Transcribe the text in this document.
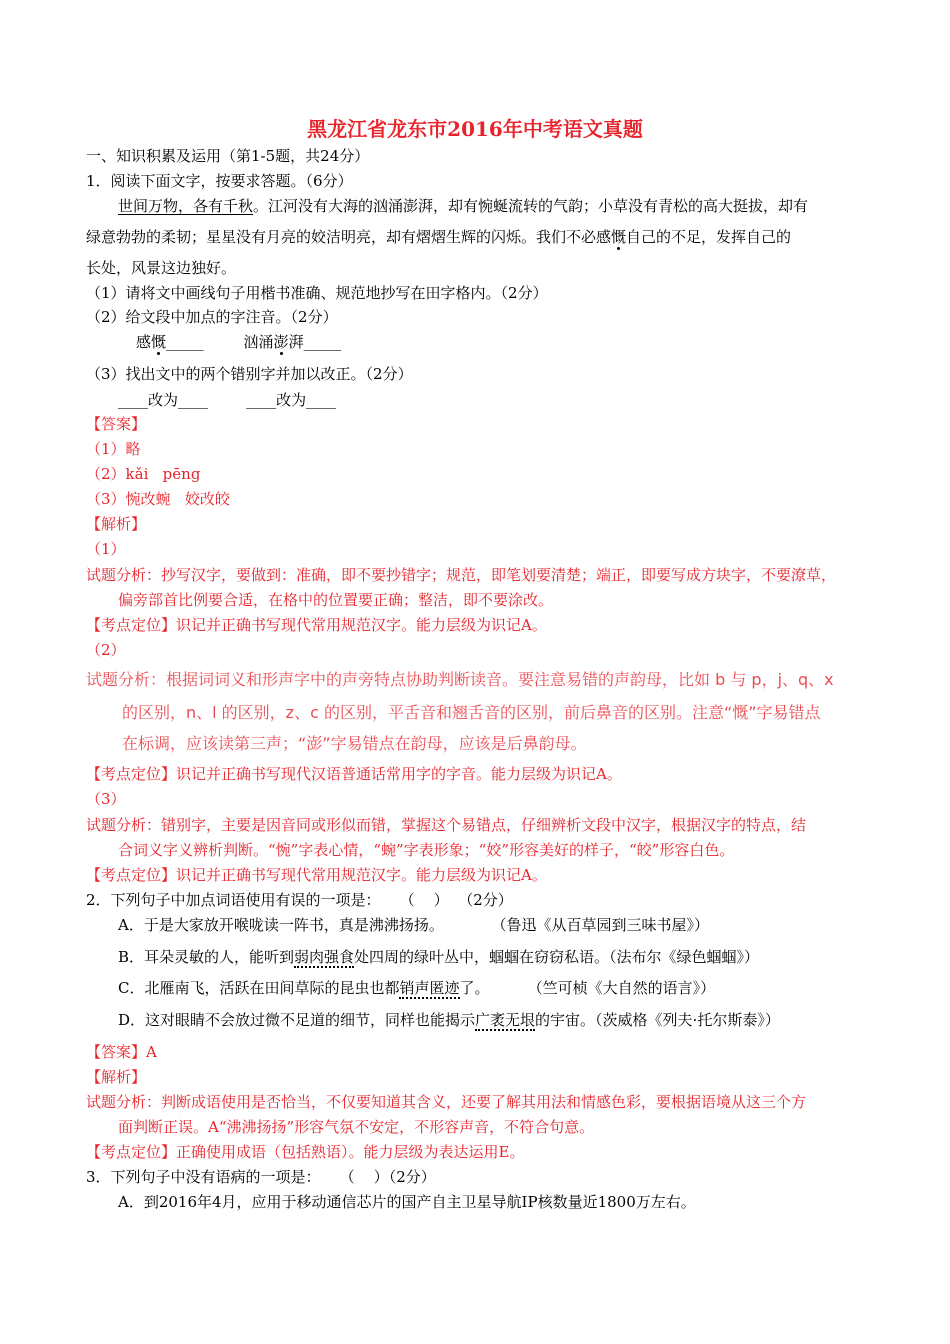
黑龙江省龙东市2016年中考语文真题
一、知识积累及运用（第1-5题，共24分）
1．阅读下面文字，按要求答题。（6分）
世间万物，各有千秋。江河没有大海的汹涌澎湃，却有惋蜒流转的气韵；小草没有青松的高大挺拔，却有
绿意勃勃的柔韧；星星没有月亮的姣洁明亮，却有熠熠生辉的闪烁。我们不必感慨自己的不足，发挥自己的
长处，风景这边独好。
（1）请将文中画线句子用楷书准确、规范地抄写在田字格内。（2分）
（2）给文段中加点的字注音。（2分）
感慨_____	汹涌澎湃_____
（3）找出文中的两个错别字并加以改正。（2分）
____改为____        ____改为____
【答案】
（1）略
（2）kǎi   pēng
（3）惋改蜿   姣改皎
【解析】
（1）
试题分析：抄写汉字，要做到：准确，即不要抄错字；规范，即笔划要清楚；端正，即要写成方块字，不要潦草，
偏旁部首比例要合适，在格中的位置要正确；整洁，即不要涂改。
【考点定位】识记并正确书写现代常用规范汉字。能力层级为识记A。
（2）
试题分析：根据词词义和形声字中的声旁特点协助判断读音。要注意易错的声韵母，比如 b 与 p，j、q、x
的区别，n、l 的区别，z、c 的区别，平舌音和翘舌音的区别，前后鼻音的区别。注意“慨”字易错点
在标调，应该读第三声；“澎”字易错点在韵母，应该是后鼻韵母。
【考点定位】识记并正确书写现代汉语普通话常用字的字音。能力层级为识记A。
（3）
试题分析：错别字，主要是因音同或形似而错，掌握这个易错点，仔细辨析文段中汉字，根据汉字的特点，结
合词义字义辨析判断。“惋”字表心情，“蜿”字表形象；“姣”形容美好的样子，“皎”形容白色。
【考点定位】识记并正确书写现代常用规范汉字。能力层级为识记A。
2．下列句子中加点词语使用有误的一项是：    （    ）  （2分）
A．于是大家放开喉咙读一阵书，真是沸沸扬扬。          （鲁迅《从百草园到三味书屋》）
B．耳朵灵敏的人，能听到弱肉强食处四周的绿叶丛中，蝈蝈在窃窃私语。（法布尔《绿色蝈蝈》）
C．北雁南飞，活跃在田间草际的昆虫也都销声匿迹了。        （竺可桢《大自然的语言》）
D．这对眼睛不会放过微不足道的细节，同样也能揭示广袤无垠的宇宙。（茨威格《列夫·托尔斯泰》）
【答案】A
【解析】
试题分析：判断成语使用是否恰当，不仅要知道其含义，还要了解其用法和情感色彩，要根据语境从这三个方
面判断正误。A“沸沸扬扬”形容气氛不安定，不形容声音，不符合句意。
【考点定位】正确使用成语（包括熟语）。能力层级为表达运用E。
3．下列句子中没有语病的一项是：    （    ）（2分）
A．到2016年4月，应用于移动通信芯片的国产自主卫星导航IP核数量近1800万左右。
